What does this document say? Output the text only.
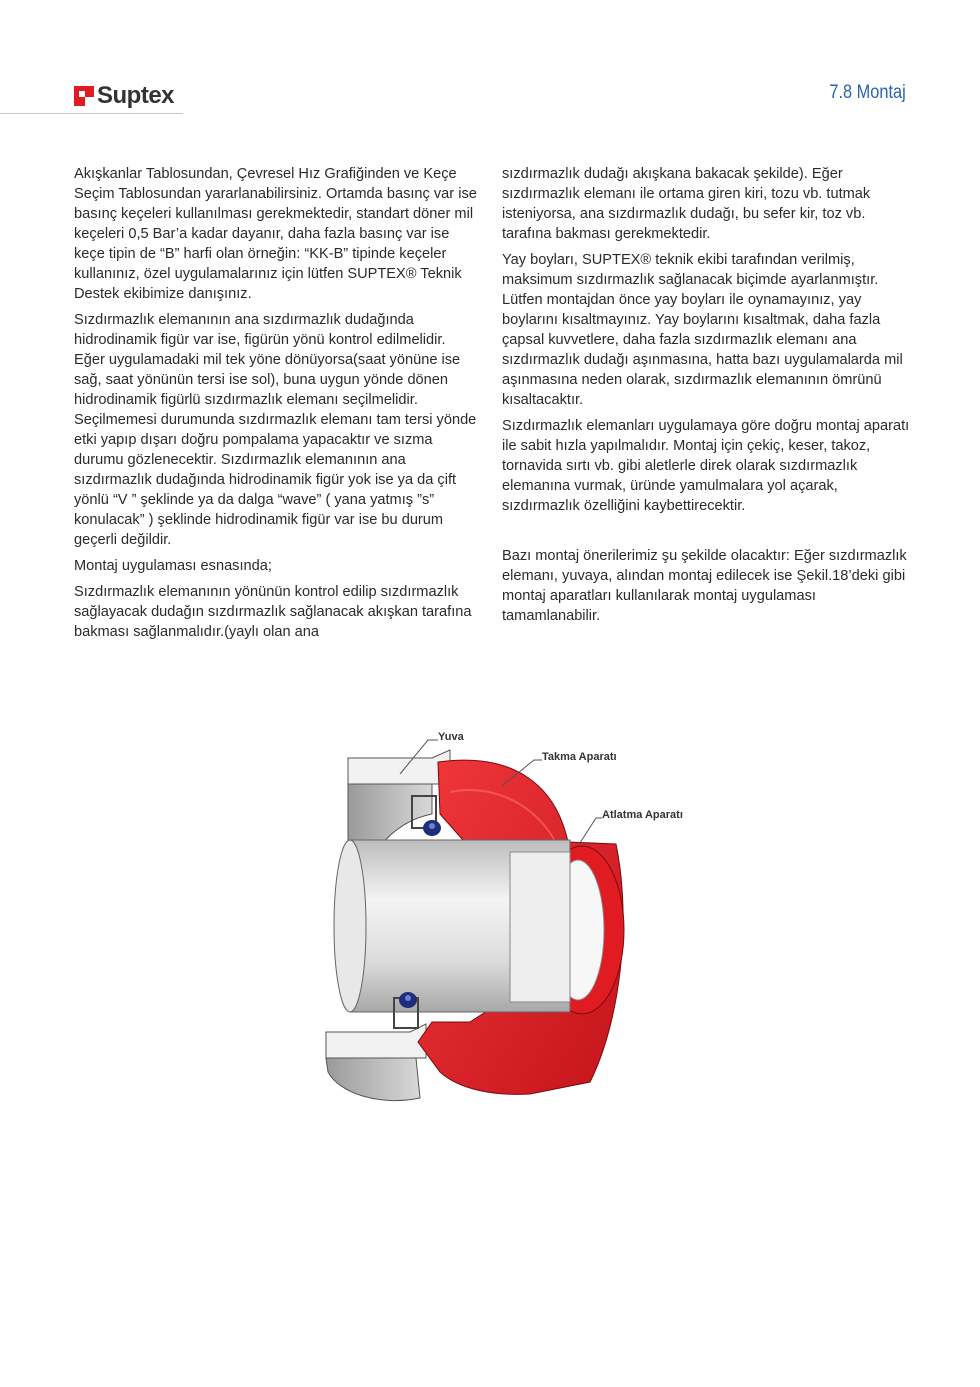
Suptex	7.8 Montaj

Akışkanlar Tablosundan, Çevresel Hız Grafiğinden ve Keçe Seçim Tablosundan yararlanabilirsiniz. Ortamda basınç var ise basınç keçeleri kullanılması gerekmektedir, standart döner mil keçeleri 0,5 Bar’a kadar dayanır, daha fazla basınç var ise keçe tipin de “B” harfi olan örneğin: “KK-B” tipinde keçeler kullanınız, özel uygulamalarınız için lütfen SUPTEX® Teknik Destek ekibimize danışınız.

Sızdırmazlık elemanının ana sızdırmazlık dudağında hidrodinamik figür var ise, figürün yönü kontrol edilmelidir. Eğer uygulamadaki mil tek yöne dönüyorsa(saat yönüne ise sağ, saat yönünün tersi ise sol), buna uygun yönde dönen hidrodinamik figürlü sızdırmazlık elemanı seçilmelidir. Seçilmemesi durumunda sızdırmazlık elemanı tam tersi yönde etki yapıp dışarı doğru pompalama yapacaktır ve sızma durumu gözlenecektir. Sızdırmazlık elemanının ana sızdırmazlık dudağında hidrodinamik figür yok ise ya da çift yönlü “V ” şeklinde ya da dalga “wave” ( yana yatmış ”s” konulacak” ) şeklinde hidrodinamik figür var ise bu durum geçerli değildir.

Montaj uygulaması esnasında;

Sızdırmazlık elemanının yönünün kontrol edilip sızdırmazlık sağlayacak dudağın sızdırmazlık sağlanacak akışkan tarafına bakması sağlanmalıdır.(yaylı olan ana

sızdırmazlık dudağı akışkana bakacak şekilde). Eğer sızdırmazlık elemanı ile ortama giren kiri, tozu vb. tutmak isteniyorsa, ana sızdırmazlık dudağı, bu sefer kir, toz vb. tarafına bakması gerekmektedir.

Yay boyları, SUPTEX® teknik ekibi tarafından verilmiş, maksimum sızdırmazlık sağlanacak biçimde ayarlanmıştır. Lütfen montajdan önce yay boyları ile oynamayınız, yay boylarını kısaltmayınız. Yay boylarını kısaltmak, daha fazla çapsal kuvvetlere, daha fazla sızdırmazlık elemanı ana sızdırmazlık dudağı aşınmasına, hatta bazı uygulamalarda mil aşınmasına neden olarak, sızdırmazlık elemanının ömrünü kısaltacaktır.

Sızdırmazlık elemanları uygulamaya göre doğru montaj aparatı ile sabit hızla yapılmalıdır. Montaj için çekiç, keser, takoz, tornavida sırtı vb. gibi aletlerle direk olarak sızdırmazlık elemanına vurmak, üründe yamulmalara yol açarak, sızdırmazlık özelliğini kaybettirecektir.

Bazı montaj önerilerimiz şu şekilde olacaktır: Eğer sızdırmazlık elemanı, yuvaya, alından montaj edilecek ise Şekil.18’deki gibi montaj aparatları kullanılarak montaj uygulaması tamamlanabilir.

Yuva
Takma Aparatı
Atlatma Aparatı
